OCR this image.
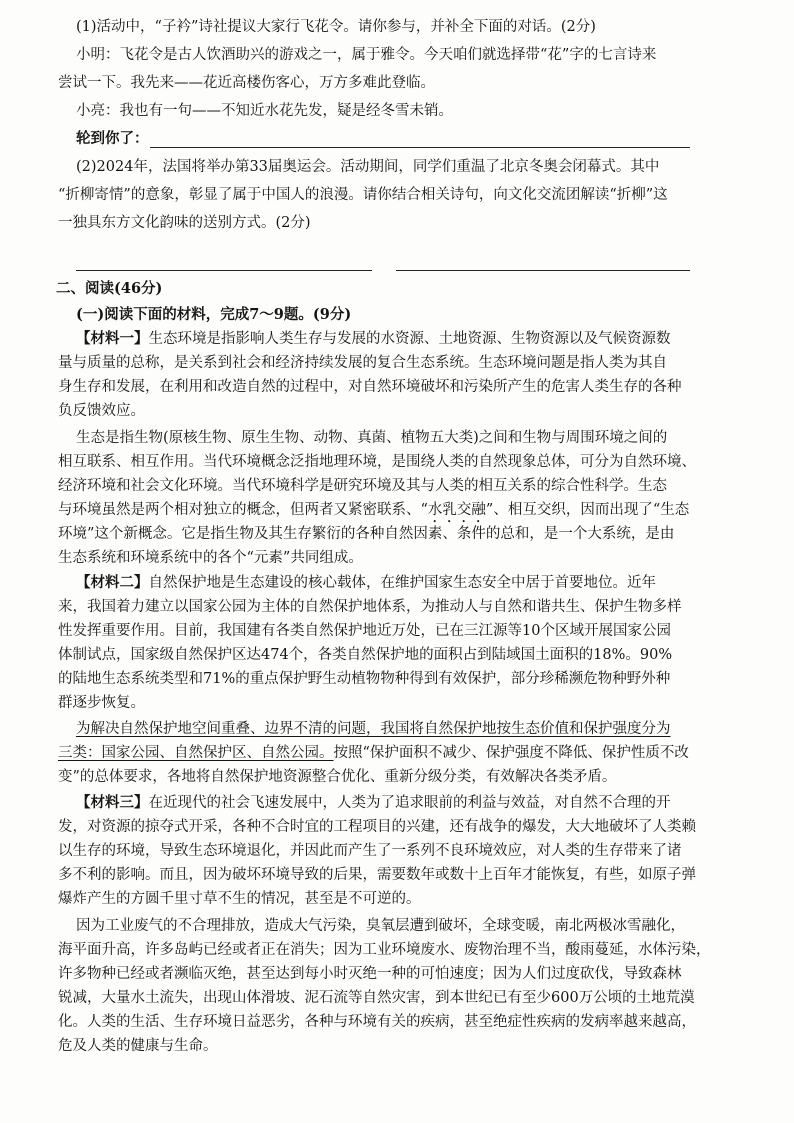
(1)活动中，“子衿”诗社提议大家行飞花令。请你参与，并补全下面的对话。(2分)
小明：飞花令是古人饮酒助兴的游戏之一，属于雅令。今天咱们就选择带“花”字的七言诗来
尝试一下。我先来——花近高楼伤客心，万方多难此登临。
小亮：我也有一句——不知近水花先发，疑是经冬雪未销。
轮到你了：
(2)2024年，法国将举办第33届奥运会。活动期间，同学们重温了北京冬奥会闭幕式。其中
“折柳寄情”的意象，彰显了属于中国人的浪漫。请你结合相关诗句，向文化交流团解读“折柳”这
一独具东方文化韵味的送别方式。(2分)
二、阅读(46分)
(一)阅读下面的材料，完成7～9题。(9分)
【材料一】生态环境是指影响人类生存与发展的水资源、土地资源、生物资源以及气候资源数
量与质量的总称，是关系到社会和经济持续发展的复合生态系统。生态环境问题是指人类为其自
身生存和发展，在利用和改造自然的过程中，对自然环境破坏和污染所产生的危害人类生存的各种
负反馈效应。
生态是指生物(原核生物、原生生物、动物、真菌、植物五大类)之间和生物与周围环境之间的
相互联系、相互作用。当代环境概念泛指地理环境，是围绕人类的自然现象总体，可分为自然环境、
经济环境和社会文化环境。当代环境科学是研究环境及其与人类的相互关系的综合性科学。生态
与环境虽然是两个相对独立的概念，但两者又紧密联系、“水乳交融”、相互交织，因而出现了“生态
环境”这个新概念。它是指生物及其生存繁衍的各种自然因素、条件的总和，是一个大系统，是由
生态系统和环境系统中的各个“元素”共同组成。
【材料二】自然保护地是生态建设的核心载体，在维护国家生态安全中居于首要地位。近年
来，我国着力建立以国家公园为主体的自然保护地体系，为推动人与自然和谐共生、保护生物多样
性发挥重要作用。目前，我国建有各类自然保护地近万处，已在三江源等10个区域开展国家公园
体制试点，国家级自然保护区达474个，各类自然保护地的面积占到陆域国土面积的18%。90%
的陆地生态系统类型和71%的重点保护野生动植物物种得到有效保护，部分珍稀濒危物种野外种
群逐步恢复。
为解决自然保护地空间重叠、边界不清的问题，我国将自然保护地按生态价值和保护强度分为
三类：国家公园、自然保护区、自然公园。按照“保护面积不减少、保护强度不降低、保护性质不改
变”的总体要求，各地将自然保护地资源整合优化、重新分级分类，有效解决各类矛盾。
【材料三】在近现代的社会飞速发展中，人类为了追求眼前的利益与效益，对自然不合理的开
发，对资源的掠夺式开采，各种不合时宜的工程项目的兴建，还有战争的爆发，大大地破坏了人类赖
以生存的环境，导致生态环境退化，并因此而产生了一系列不良环境效应，对人类的生存带来了诸
多不利的影响。而且，因为破坏环境导致的后果，需要数年或数十上百年才能恢复，有些，如原子弹
爆炸产生的方圆千里寸草不生的情况，甚至是不可逆的。
因为工业废气的不合理排放，造成大气污染，臭氧层遭到破坏，全球变暖，南北两极冰雪融化，
海平面升高，许多岛屿已经或者正在消失；因为工业环境废水、废物治理不当，酸雨蔓延，水体污染，
许多物种已经或者濒临灭绝，甚至达到每小时灭绝一种的可怕速度；因为人们过度砍伐，导致森林
锐减，大量水土流失，出现山体滑坡、泥石流等自然灾害，到本世纪已有至少600万公顷的土地荒漠
化。人类的生活、生存环境日益恶劣，各种与环境有关的疾病，甚至绝症性疾病的发病率越来越高，
危及人类的健康与生命。
